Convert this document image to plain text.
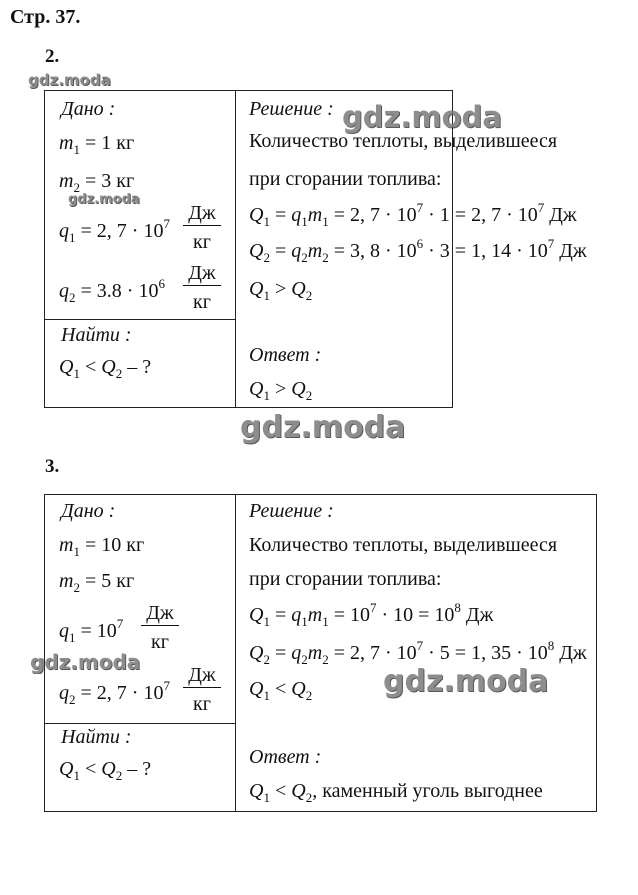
Стр. 37.
2.
Дано :
$m_1 = 1$ кг
$m_2 = 3$ кг
$q_1 = 2$, $7 \cdot 10^7$ Дж
кг
$q_2 = 3.8 \cdot 10^6$ Дж
кг
Найти :
$Q_1 < Q_2$ – ?
Решение :
Количество теплоты, выделившееся
при сгорании топлива:
$Q_1 = q_1m_1 = 2$, $7 \cdot 10^7 \cdot 1 = 2$, $7 \cdot 10^7$ Дж
$Q_2 = q_2m_2 = 3$, $8 \cdot 10^6 \cdot 3 = 1$, $14 \cdot 10^7$ Дж
$Q_1 > Q_2$
Ответ :
$Q_1 > Q_2$
3.
Дано :
$m_1 = 10$ кг
$m_2 = 5$ кг
$q_1 = 10^7$ Дж
кг
$q_2 = 2$, $7 \cdot 10^7$ Дж
кг
Найти :
$Q_1 < Q_2$ – ?
Решение :
Количество теплоты, выделившееся
при сгорании топлива:
$Q_1 = q_1m_1 = 10^7 \cdot 10 = 10^8$ Дж
$Q_2 = q_2m_2 = 2$, $7 \cdot 10^7 \cdot 5 = 1$, $35 \cdot 10^8$ Дж
$Q_1 < Q_2$
Ответ :
$Q_1 < Q_2$, каменный уголь выгоднее
gdz.moda
gdz.moda
gdz.moda
gdz.moda
gdz.moda
gdz.moda
